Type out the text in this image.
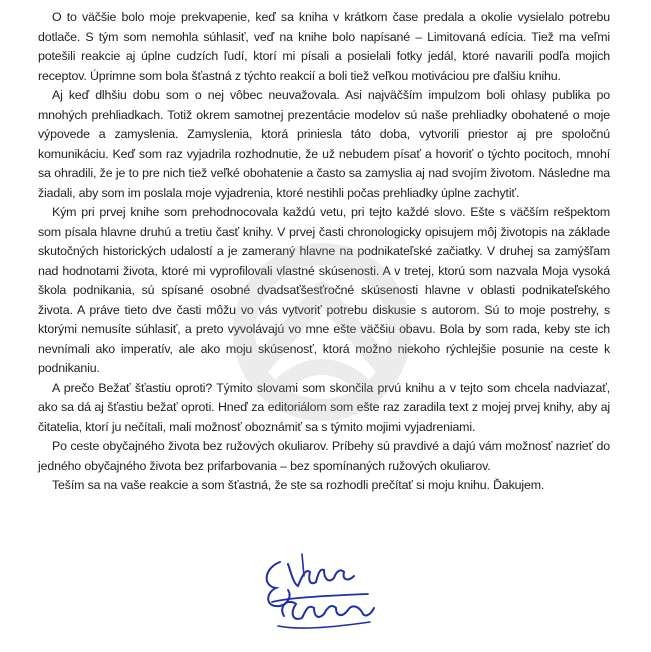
O to väčšie bolo moje prekvapenie, keď sa kniha v krátkom čase predala a okolie vysielalo potrebu dotlače. S tým som nemohla súhlasiť, veď na knihe bolo napísané – Limitovaná edícia. Tiež ma veľmi potešili reakcie aj úplne cudzích ľudí, ktorí mi písali a posielali fotky jedál, ktoré navarili podľa mojich receptov. Úprimne som bola šťastná z týchto reakcií a boli tiež veľkou motiváciou pre ďalšiu knihu.

Aj keď dlhšiu dobu som o nej vôbec neuvažovala. Asi najväčším impulzom boli ohlasy publika po mnohých prehliadkach. Totiž okrem samotnej prezentácie modelov sú naše prehliadky obohatené o moje výpovede a zamyslenia. Zamyslenia, ktorá priniesla táto doba, vytvorili priestor aj pre spoločnú komunikáciu. Keď som raz vyjadrila rozhodnutie, že už nebudem písať a hovoriť o týchto pocitoch, mnohí sa ohradili, že je to pre nich tiež veľké obohatenie a často sa zamyslia aj nad svojím životom. Následne ma žiadali, aby som im poslala moje vyjadrenia, ktoré nestihli počas prehliadky úplne zachytiť.

Kým pri prvej knihe som prehodnocovala každú vetu, pri tejto každé slovo. Ešte s väčším rešpektom som písala hlavne druhú a tretiu časť knihy. V prvej časti chronologicky opisujem môj životopis na základe skutočných historických udalostí a je zameraný hlavne na podnikateľské začiatky. V druhej sa zamýšľam nad hodnotami života, ktoré mi vyprofilovali vlastné skúsenosti. A v tretej, ktorú som nazvala Moja vysoká škola podnikania, sú spísané osobné dvadsaťšesťročné skúsenosti hlavne v oblasti podnikateľského života. A práve tieto dve časti môžu vo vás vytvoriť potrebu diskusie s autorom. Sú to moje postrehy, s ktorými nemusíte súhlasiť, a preto vyvolávajú vo mne ešte väčšiu obavu. Bola by som rada, keby ste ich nevnímali ako imperatív, ale ako moju skúsenosť, ktorá možno niekoho rýchlejšie posunie na ceste k podnikaniu.

A prečo Bežať šťastiu oproti? Týmito slovami som skončila prvú knihu a v tejto som chcela nadviazať, ako sa dá aj šťastiu bežať oproti. Hneď za editoriálom som ešte raz zaradila text z mojej prvej knihy, aby aj čitatelia, ktorí ju nečítali, mali možnosť oboznámiť sa s týmito mojimi vyjadreniami.

Po ceste obyčajného života bez ružových okuliarov. Príbehy sú pravdivé a dajú vám možnosť nazrieť do jedného obyčajného života bez prifarbovania – bez spomínaných ružových okuliarov.

Teším sa na vaše reakcie a som šťastná, že ste sa rozhodli prečítať si moju knihu. Ďakujem.
